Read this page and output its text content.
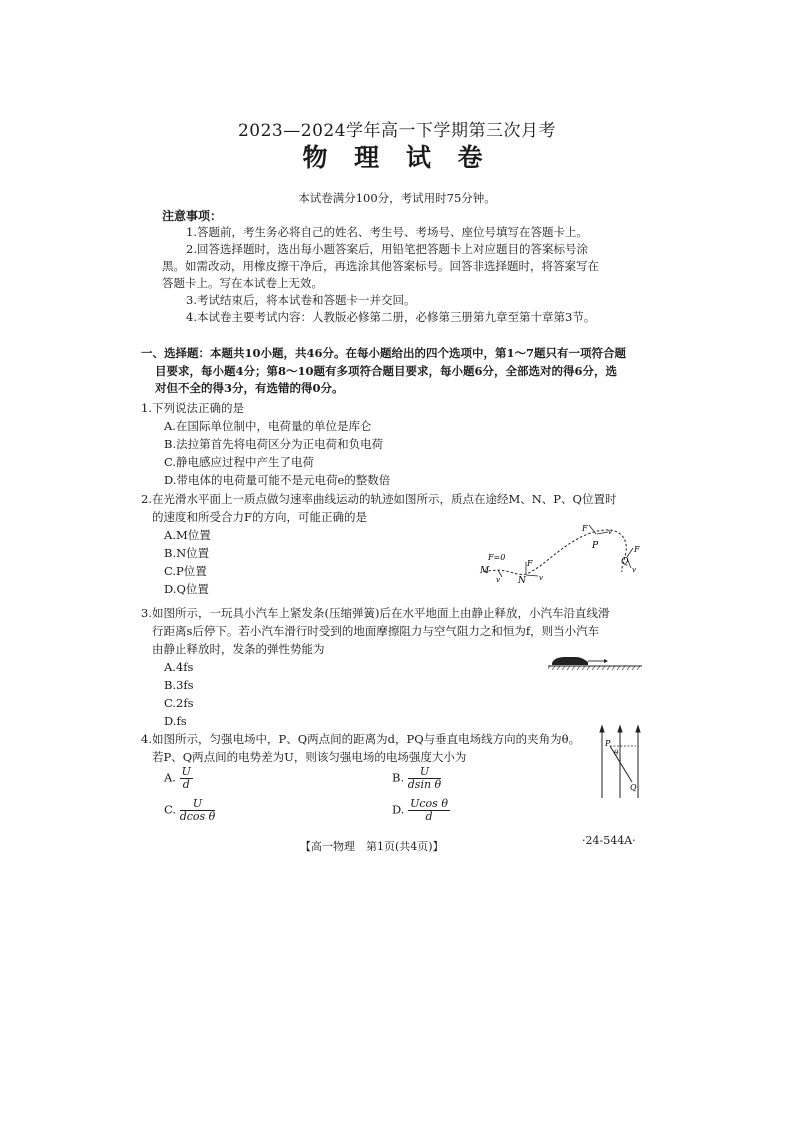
2023—2024学年高一下学期第三次月考
物 理 试 卷
本试卷满分100分，考试用时75分钟。
注意事项：
1.答题前，考生务必将自己的姓名、考生号、考场号、座位号填写在答题卡上。
2.回答选择题时，选出每小题答案后，用铅笔把答题卡上对应题目的答案标号涂
黑。如需改动，用橡皮擦干净后，再选涂其他答案标号。回答非选择题时，将答案写在
答题卡上。写在本试卷上无效。
3.考试结束后，将本试卷和答题卡一并交回。
4.本试卷主要考试内容：人教版必修第二册，必修第三册第九章至第十章第3节。
一、选择题：本题共10小题，共46分。在每小题给出的四个选项中，第1～7题只有一项符合题
目要求，每小题4分；第8～10题有多项符合题目要求，每小题6分，全部选对的得6分，选
对但不全的得3分，有选错的得0分。
1.下列说法正确的是
A.在国际单位制中，电荷量的单位是库仑
B.法拉第首先将电荷区分为正电荷和负电荷
C.静电感应过程中产生了电荷
D.带电体的电荷量可能不是元电荷e的整数倍
2.在光滑水平面上一质点做匀速率曲线运动的轨迹如图所示，质点在途经M、N、P、Q位置时
的速度和所受合力F的方向，可能正确的是
A.M位置
B.N位置
C.P位置
D.Q位置
M
F=0
v
F
v
N
F	v
P	F
v
Q
3.如图所示，一玩具小汽车上紧发条(压缩弹簧)后在水平地面上由静止释放，小汽车沿直线滑
行距离s后停下。若小汽车滑行时受到的地面摩擦阻力与空气阻力之和恒为f，则当小汽车
由静止释放时，发条的弹性势能为
A.4fs
B.3fs
C.2fs
D.fs
4.如图所示，匀强电场中，P、Q两点间的距离为d，PQ与垂直电场线方向的夹角为θ。
若P、Q两点间的电势差为U，则该匀强电场的电场强度大小为
A. $\frac{U}{d}$	B. $\frac{U}{\text{dsin θ}}$
C. $\frac{U}{\text{dcos θ}}$	D. $\frac{\text{Ucos θ}}{d}$
P
θ
Q
【高一物理　第1页(共4页)】	·24-544A·
